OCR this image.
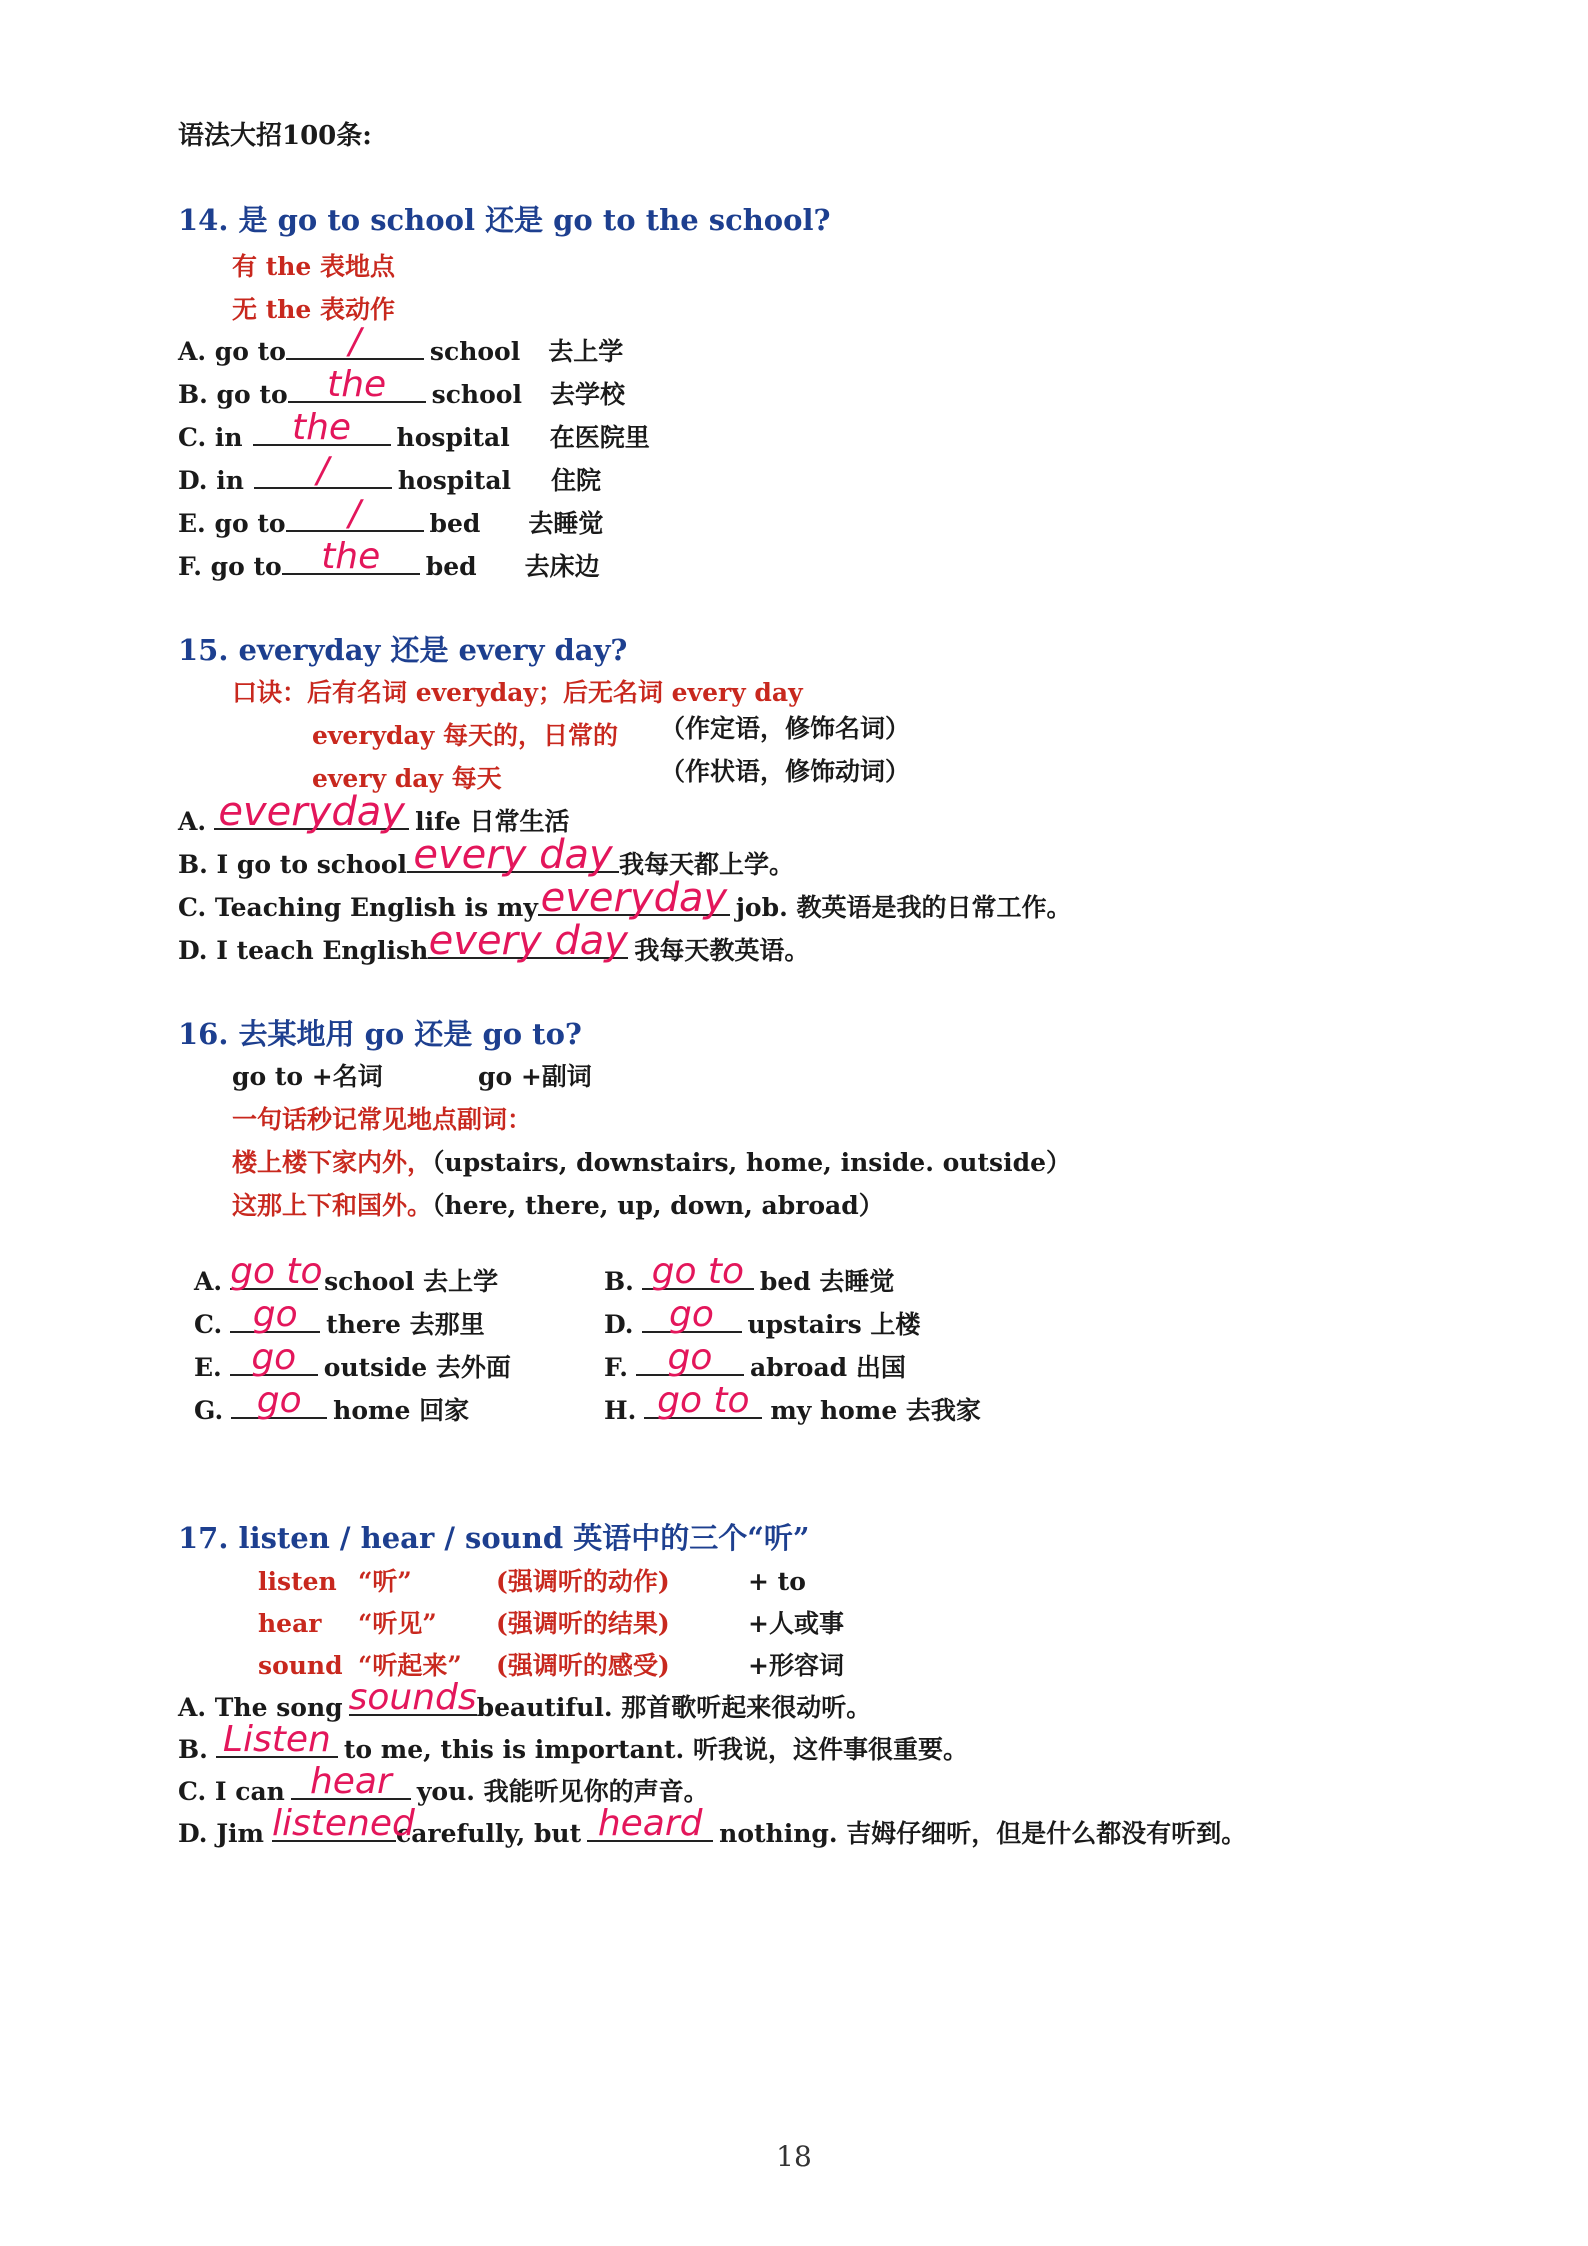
语法大招100条:
14. 是 go to school 还是 go to the school?
有 the 表地点
无 the 表动作
A. go to	/	school 去上学
B. go to	the	school 去学校
C. in	the	hospital 在医院里
D. in	/	hospital 住院
E. go to	/	bed 去睡觉
F. go to	the	bed 去床边
15. everyday 还是 every day?
口诀：后有名词 everyday；后无名词 every day
everyday 每天的，日常的 （作定语，修饰名词）
every day 每天	（作状语，修饰动词）
A. everyday life 日常生活
B. I go to school every day 我每天都上学。
C. Teaching English is my everyday job. 教英语是我的日常工作。
D. I teach English every day 我每天教英语。
16. 去某地用 go 还是 go to?
go to +名词	go +副词
一句话秒记常见地点副词：
楼上楼下家内外，（upstairs, downstairs, home, inside. outside）
这那上下和国外。（here, there, up, down, abroad）
A. go to school 去上学	B. go to bed 去睡觉
C. go	there 去那里	D. go	upstairs 上楼
E. go	outside 去外面	F.	go	abroad 出国
G. go	home 回家	H. go to my home 去我家
17. listen / hear / sound 英语中的三个“听”
listen “听”	(强调听的动作)	+ to
hear “听见” (强调听的结果)	+人或事
sound “听起来” (强调听的感受)	+形容词
A. The song sounds beautiful. 那首歌听起来很动听。
B. Listen to me, this is important. 听我说，这件事很重要。
C. I can hear	you. 我能听见你的声音。
D. Jim listened
carefully, but heard nothing. 吉姆仔细听，但是什么都没有听到。
18
